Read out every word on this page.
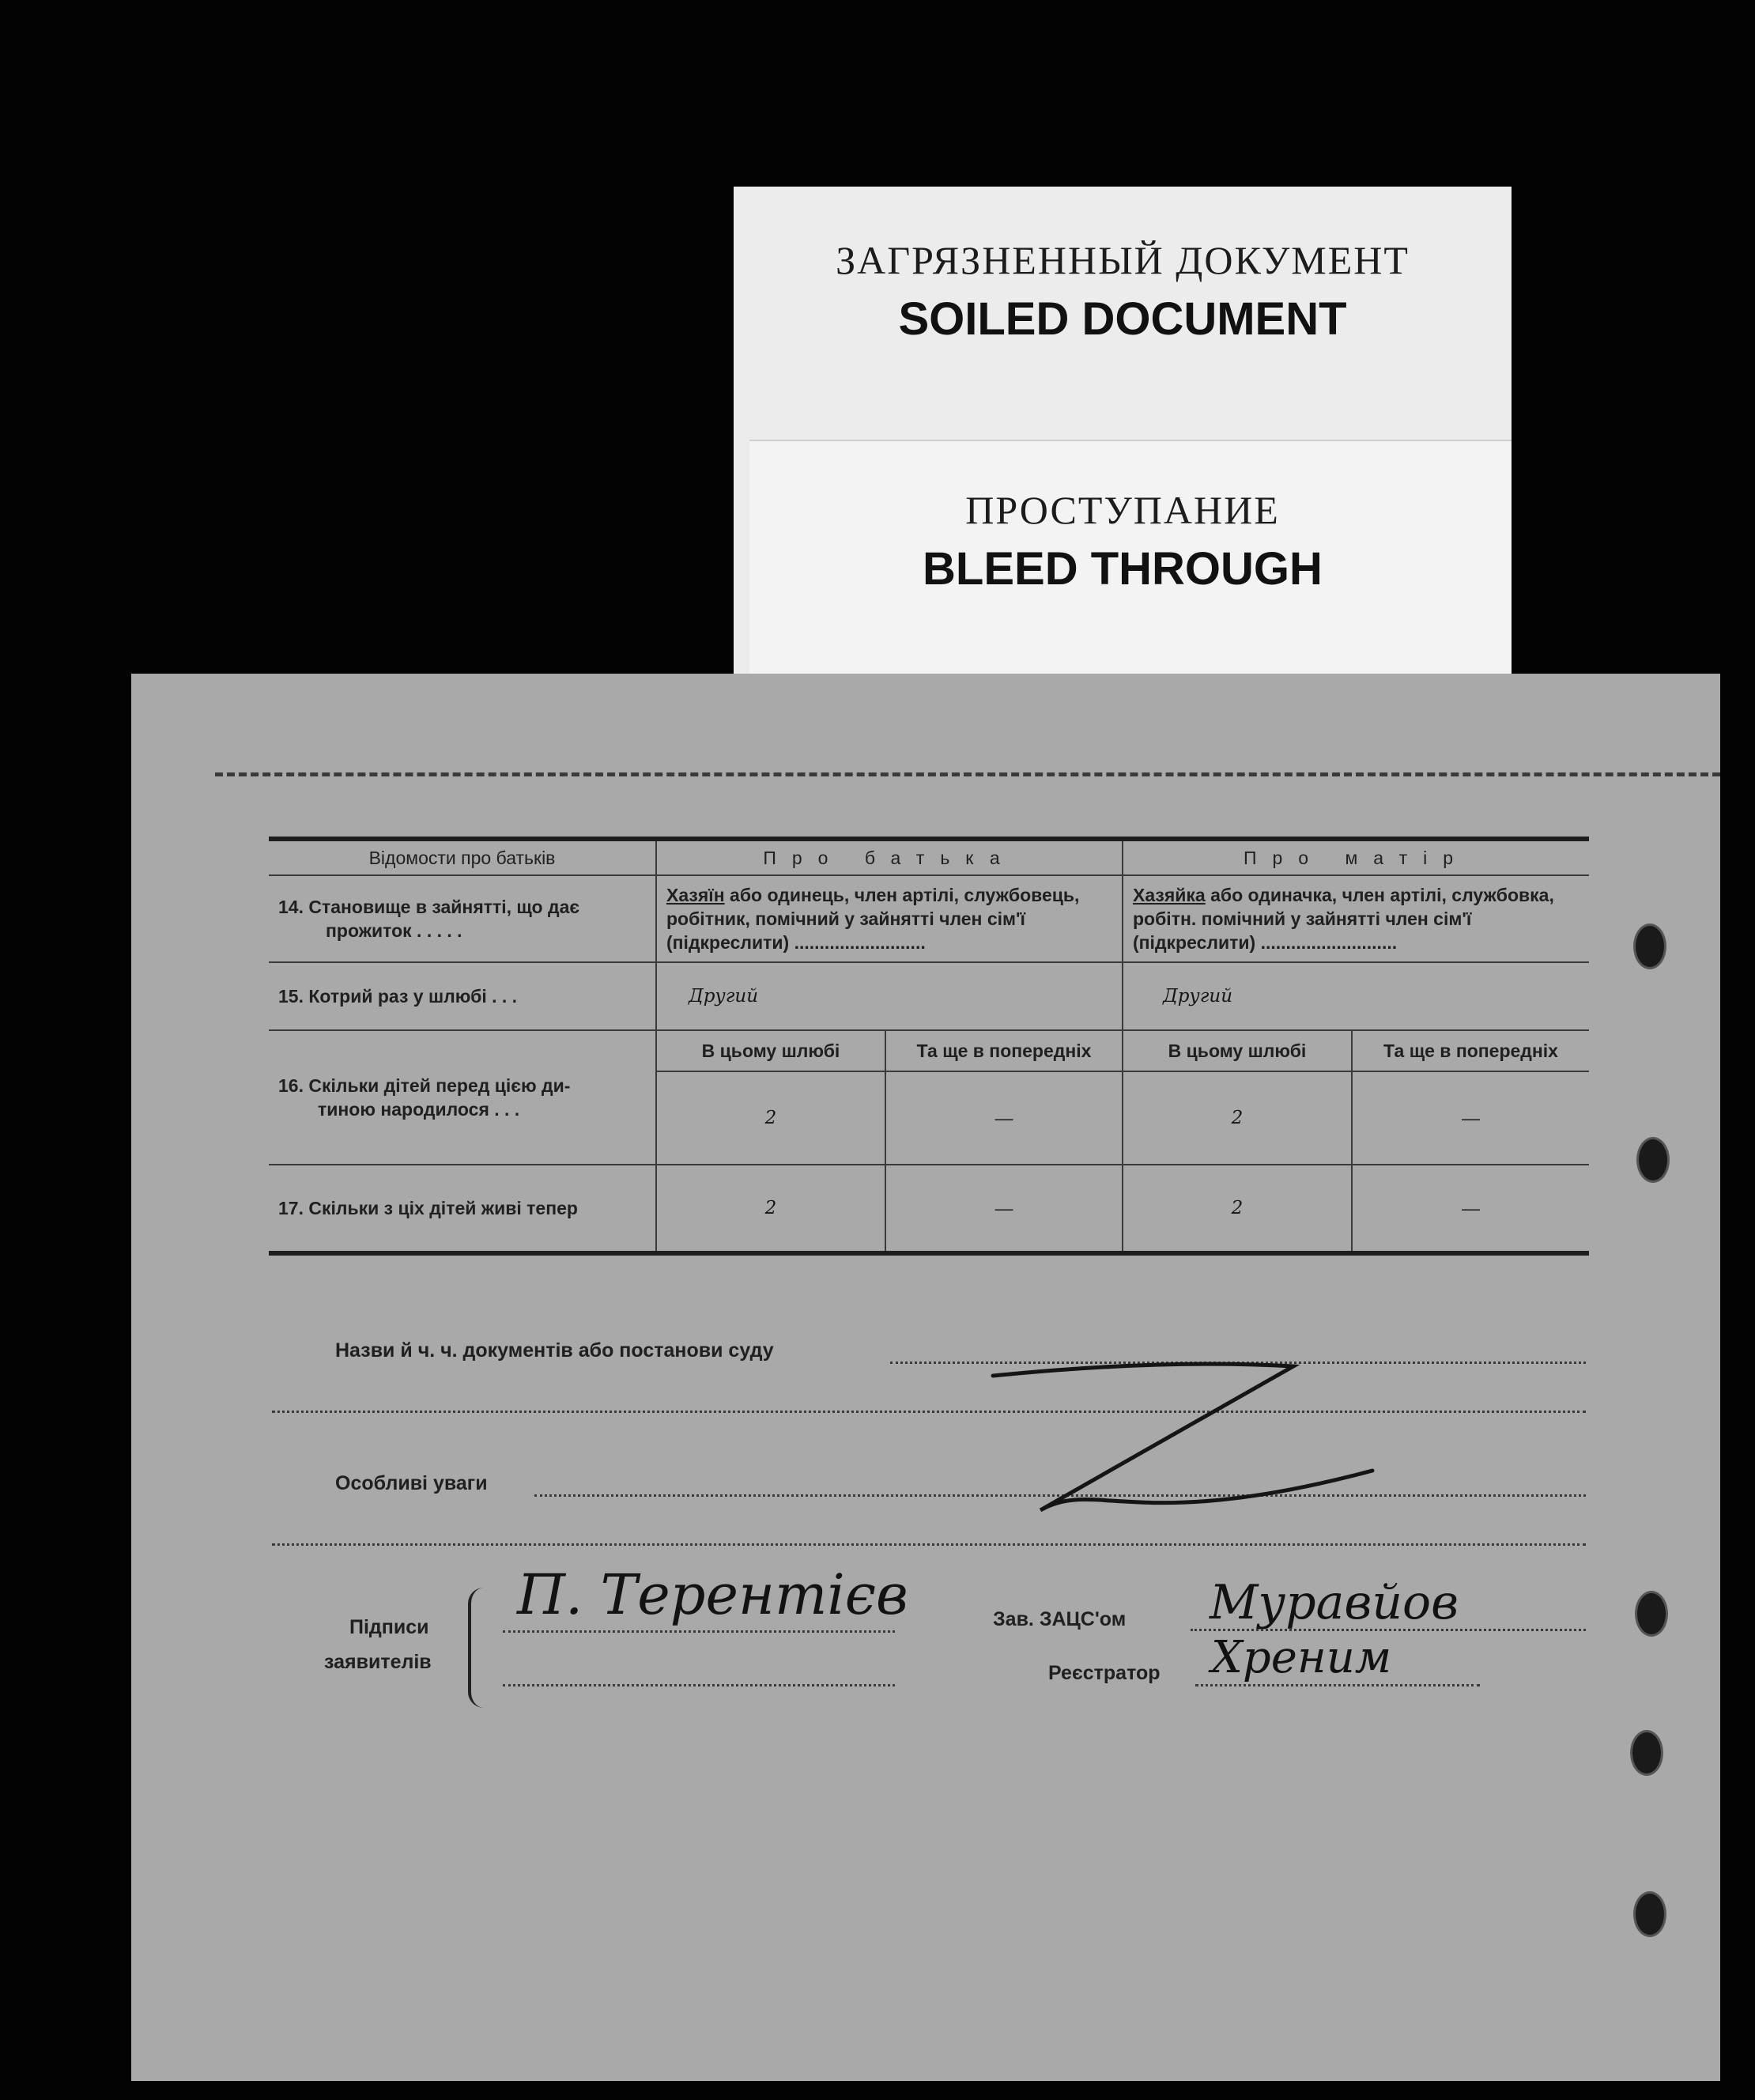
ЗАГРЯЗНЕННЫЙ ДОКУМЕНТ
SOILED DOCUMENT
ПРОСТУПАНИЕ
BLEED THROUGH
Відомости про батьків	Про батька		Про матір	

14. Становище в зайнятті, що дає
прожиток . . . . .	Хазяїн або одинець, член артілі, службовець, робітник, помічний у зайнятті член сім'ї (підкреслити) ..........................		Хазяйка або одиначка, член артілі, службовка, робітн. помічний у зайнятті член сім'ї (підкреслити) ...........................	
15. Котрий раз у шлюбі . . .	Другий		Другий	

16. Скільки дітей перед цією ди-
тиною народилося . . .	В цьому шлюбі	Та ще в попередніх	В цьому шлюбі	Та ще в попередніх
	2	—	2	—
17. Скільки з ціх дітей живі тепер	2	—	2	—
Назви й ч. ч. документів або постанови суду
Особливі уваги
Підписи
заявителів
П. Терентієв	Зав. ЗАЦС'ом Муравйов
Реєстратор Хреним
